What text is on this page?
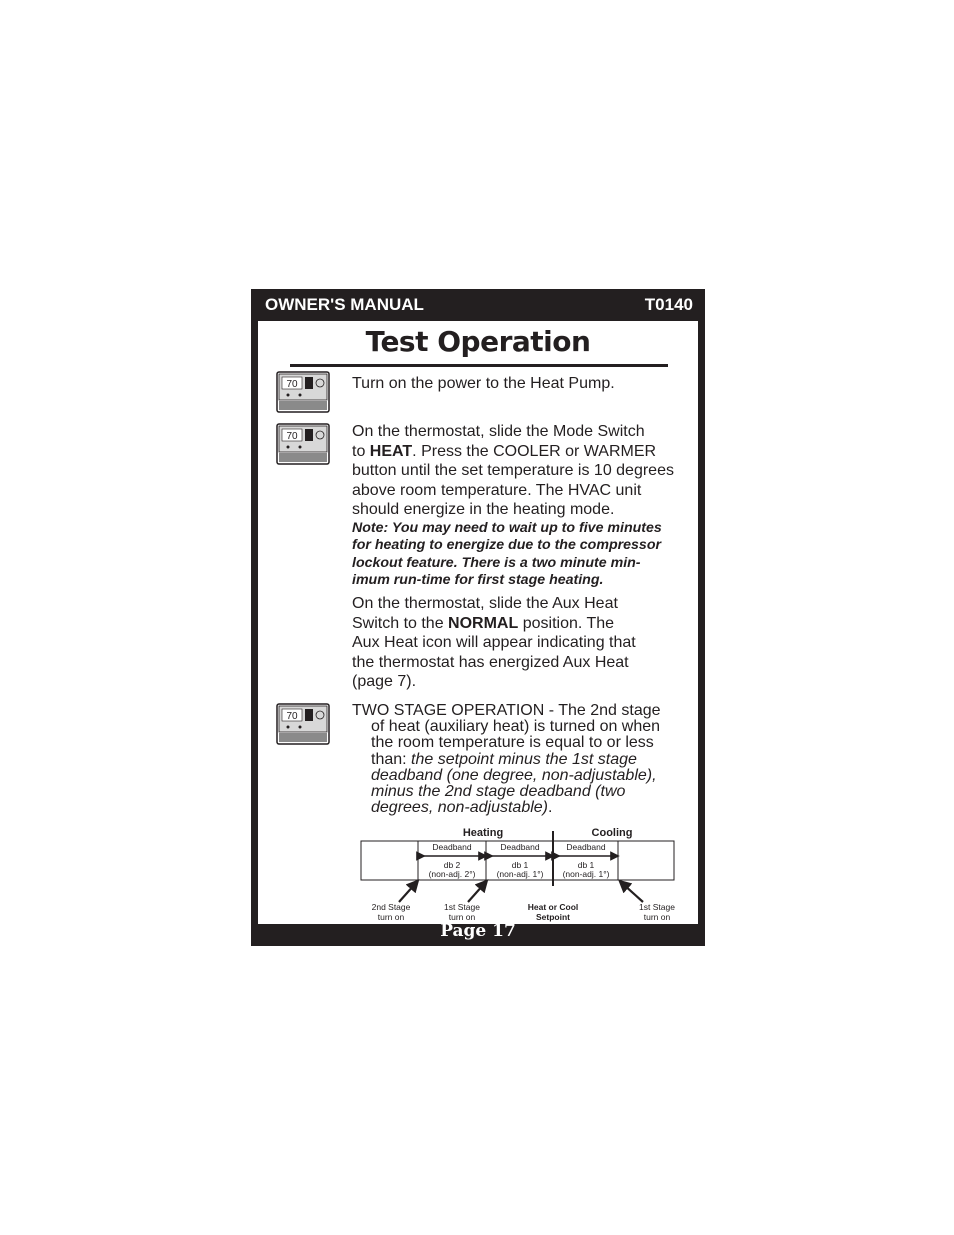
OWNER'S MANUAL	T0140
Test Operation
70
70
70
Turn on the power to the Heat Pump.
On the thermostat, slide the Mode Switch
to HEAT. Press the COOLER or WARMER
button until the set temperature is 10 degrees
above room temperature. The HVAC unit
should energize in the heating mode.
Note: You may need to wait up to five minutes
for heating to energize due to the compressor
lockout feature. There is a two minute min-
imum run-time for first stage heating.
On the thermostat, slide the Aux Heat
Switch to the NORMAL position. The
Aux Heat icon will appear indicating that
the thermostat has energized Aux Heat
(page 7).
TWO STAGE OPERATION - The 2nd stage
of heat (auxiliary heat) is turned on when
the room temperature is equal to or less
than: the setpoint minus the 1st stage
deadband (one degree, non-adjustable),
minus the 2nd stage deadband (two
degrees, non-adjustable).
Heating	Cooling
Deadband	Deadband	Deadband
db 2
(non-adj. 2°)
db 1
(non-adj. 1°)
db 1
(non-adj. 1°)
2nd Stage
turn on
1st Stage
turn on
Heat or Cool
Setpoint
1st Stage
turn on
Page 17
